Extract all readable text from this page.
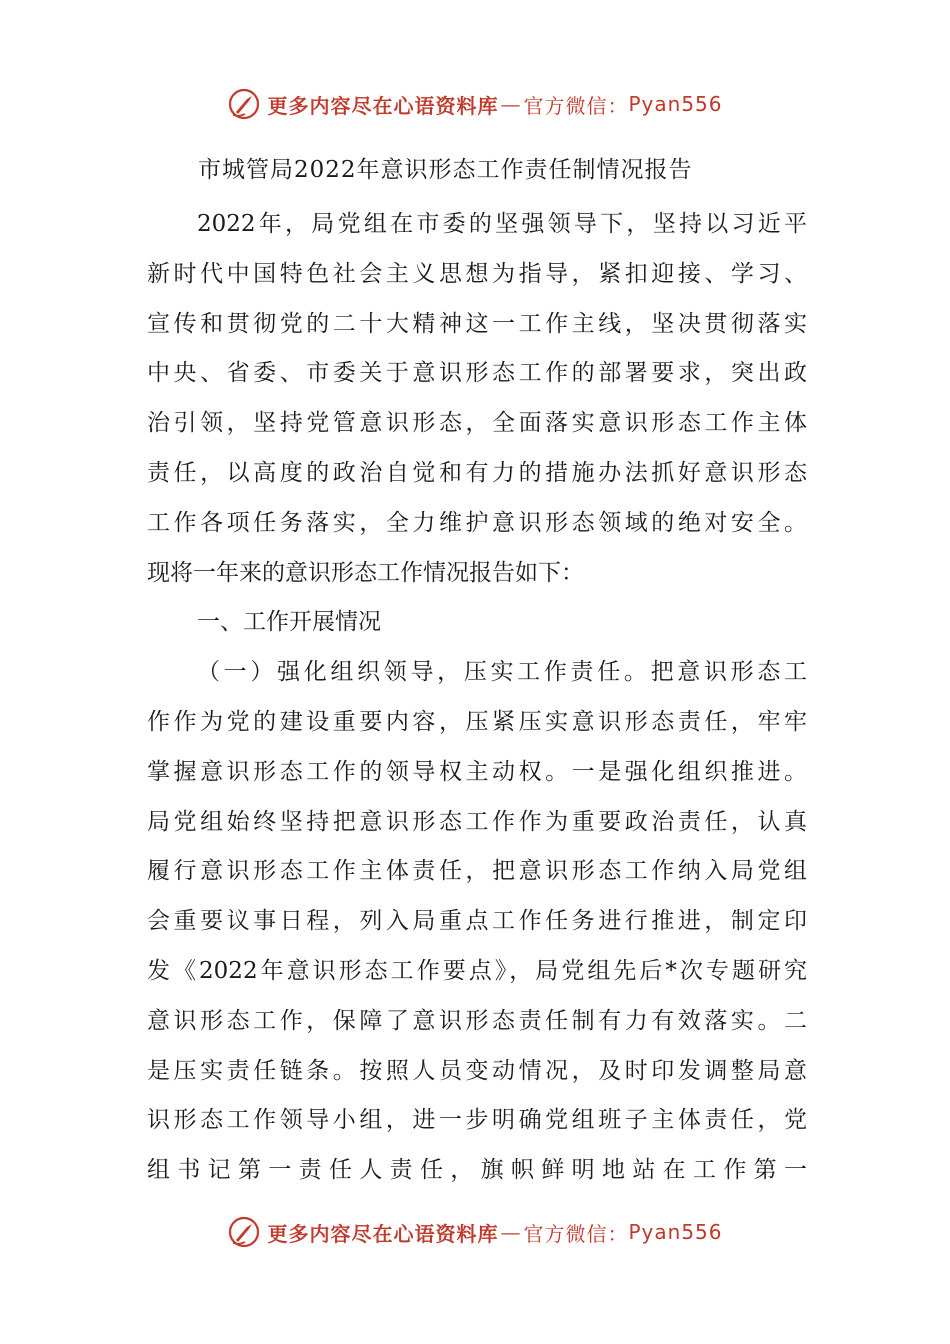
更多内容尽在心语资料库 — 官方微信： Pyan556
市城管局2022年意识形态工作责任制情况报告
2022年，局党组在市委的坚强领导下，坚持以习近平
新时代中国特色社会主义思想为指导，紧扣迎接、学习、
宣传和贯彻党的二十大精神这一工作主线，坚决贯彻落实
中央、省委、市委关于意识形态工作的部署要求，突出政
治引领，坚持党管意识形态，全面落实意识形态工作主体
责任，以高度的政治自觉和有力的措施办法抓好意识形态
工作各项任务落实，全力维护意识形态领域的绝对安全。
现将一年来的意识形态工作情况报告如下：
一、工作开展情况
（一）强化组织领导，压实工作责任。把意识形态工
作作为党的建设重要内容，压紧压实意识形态责任，牢牢
掌握意识形态工作的领导权主动权。一是强化组织推进。
局党组始终坚持把意识形态工作作为重要政治责任，认真
履行意识形态工作主体责任，把意识形态工作纳入局党组
会重要议事日程，列入局重点工作任务进行推进，制定印
发《2022年意识形态工作要点》，局党组先后*次专题研究
意识形态工作，保障了意识形态责任制有力有效落实。二
是压实责任链条。按照人员变动情况，及时印发调整局意
识形态工作领导小组，进一步明确党组班子主体责任，党
组书记第一责任人责任，旗帜鲜明地站在工作第一
更多内容尽在心语资料库 — 官方微信： Pyan556
